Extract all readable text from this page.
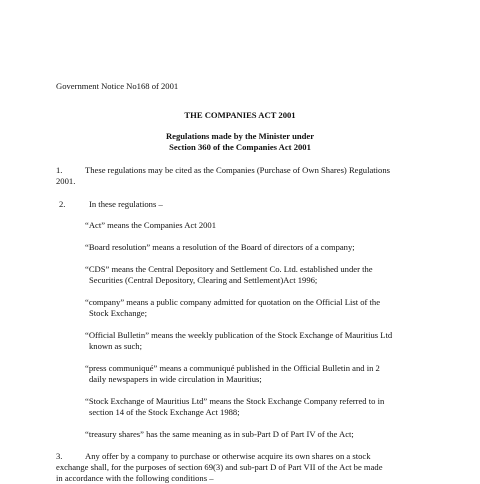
Government Notice No168 of 2001
THE COMPANIES ACT 2001
Regulations made by the Minister under
Section 360 of the Companies Act 2001
1.	These regulations may be cited as the Companies (Purchase of Own Shares) Regulations
2001.
2.	In these regulations –
“Act” means the Companies Act 2001
“Board resolution” means a resolution of the Board of directors of a company;
“CDS” means the Central Depository and Settlement Co. Ltd. established under the
Securities (Central Depository, Clearing and Settlement)Act 1996;
“company” means a public company admitted for quotation on the Official List of the
Stock Exchange;
“Official Bulletin” means the weekly publication of the Stock Exchange of Mauritius Ltd
known as such;
“press communiqué” means a communiqué published in the Official Bulletin and in 2
daily newspapers in wide circulation in Mauritius;
“Stock Exchange of Mauritius Ltd” means the Stock Exchange Company referred to in
section 14 of the Stock Exchange Act 1988;
“treasury shares” has the same meaning as in sub-Part D of Part IV of the Act;
3.	Any offer by a company to purchase or otherwise acquire its own shares on a stock
exchange shall, for the purposes of section 69(3) and sub-part D of Part VII of the Act be made
in accordance with the following conditions –
